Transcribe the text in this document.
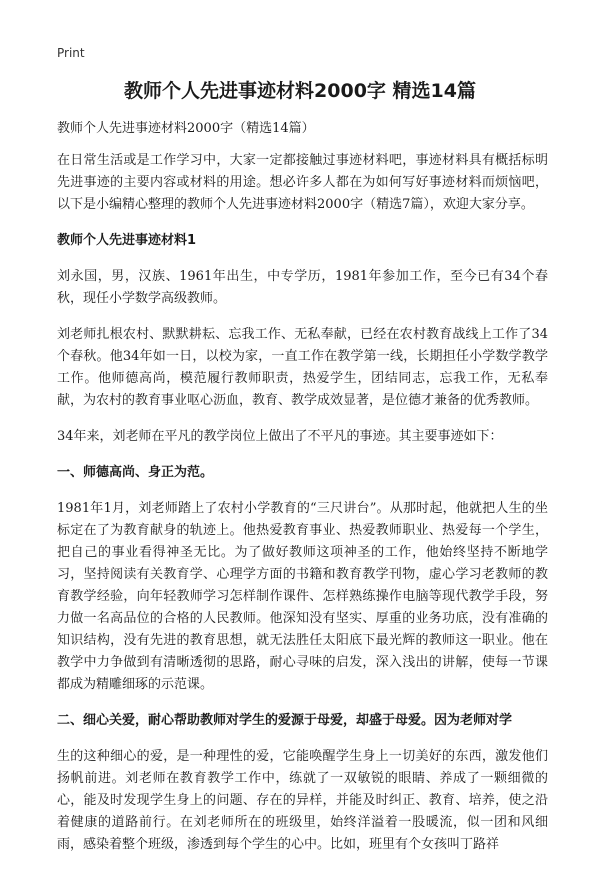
Print
教师个人先进事迹材料2000字 精选14篇

教师个人先进事迹材料2000字（精选14篇）

在日常生活或是工作学习中，大家一定都接触过事迹材料吧，事迹材料具有概括标明先进事迹的主要内容或材料的用途。想必许多人都在为如何写好事迹材料而烦恼吧，以下是小编精心整理的教师个人先进事迹材料2000字（精选7篇），欢迎大家分享。

教师个人先进事迹材料1

刘永国，男，汉族、1961年出生，中专学历，1981年参加工作，至今已有34个春秋，现任小学数学高级教师。

刘老师扎根农村、默默耕耘、忘我工作、无私奉献，已经在农村教育战线上工作了34个春秋。他34年如一日，以校为家，一直工作在教学第一线，长期担任小学数学教学工作。他师德高尚，模范履行教师职责，热爱学生，团结同志，忘我工作，无私奉献，为农村的教育事业呕心沥血，教育、教学成效显著，是位德才兼备的优秀教师。

34年来，刘老师在平凡的教学岗位上做出了不平凡的事迹。其主要事迹如下：

一、师德高尚、身正为范。

1981年1月，刘老师踏上了农村小学教育的“三尺讲台”。从那时起，他就把人生的坐标定在了为教育献身的轨迹上。他热爱教育事业、热爱教师职业、热爱每一个学生，把自己的事业看得神圣无比。为了做好教师这项神圣的工作，他始终坚持不断地学习，坚持阅读有关教育学、心理学方面的书籍和教育教学刊物，虚心学习老教师的教育教学经验，向年轻教师学习怎样制作课件、怎样熟练操作电脑等现代教学手段，努力做一名高品位的合格的人民教师。他深知没有坚实、厚重的业务功底，没有准确的知识结构，没有先进的教育思想，就无法胜任太阳底下最光辉的教师这一职业。他在教学中力争做到有清晰透彻的思路，耐心寻味的启发，深入浅出的讲解，使每一节课都成为精雕细琢的示范课。

二、细心关爱，耐心帮助教师对学生的爱源于母爱，却盛于母爱。因为老师对学

生的这种细心的爱，是一种理性的爱，它能唤醒学生身上一切美好的东西，激发他们扬帆前进。刘老师在教育教学工作中，练就了一双敏锐的眼睛、养成了一颗细微的心，能及时发现学生身上的问题、存在的异样，并能及时纠正、教育、培养，使之沿着健康的道路前行。在刘老师所在的班级里，始终洋溢着一股暖流，似一团和风细雨，感染着整个班级，渗透到每个学生的心中。比如，班里有个女孩叫丁路祥
